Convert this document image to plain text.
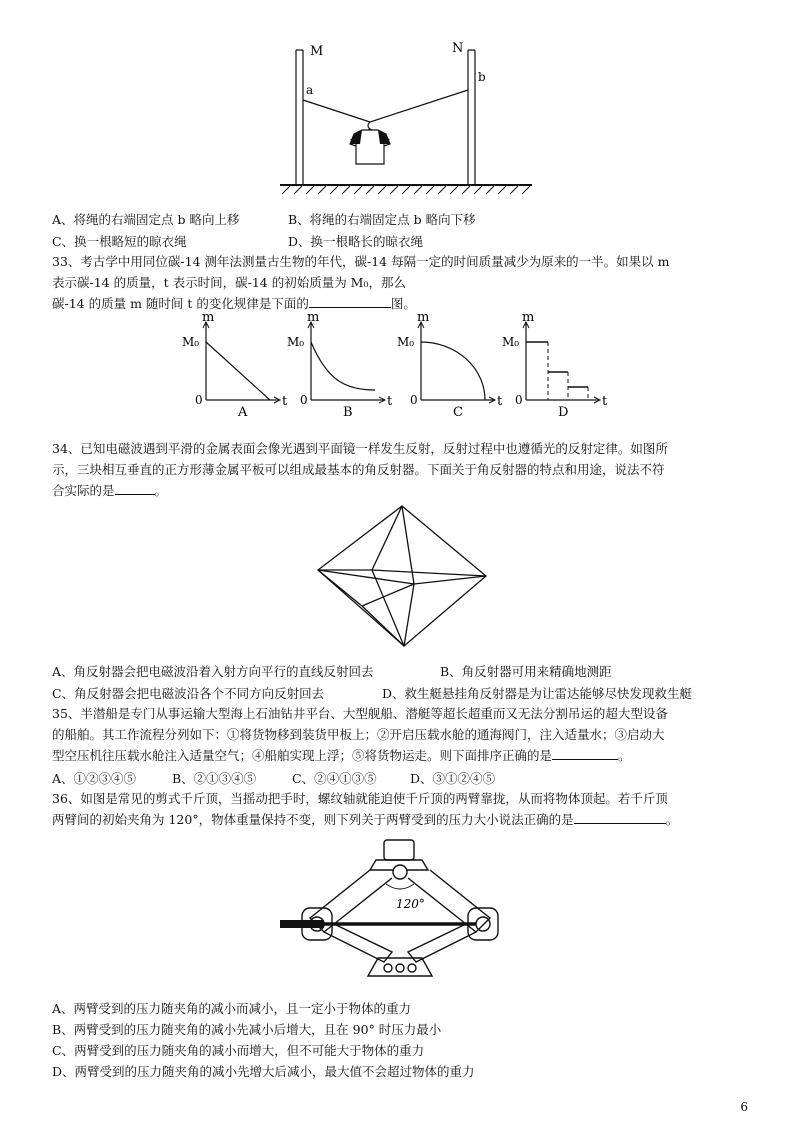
M	N
a
b
A、将绳的右端固定点 b 略向上移	B、将绳的右端固定点 b 略向下移
C、换一根略短的晾衣绳	D、换一根略长的晾衣绳
33、考古学中用同位碳-14 测年法测量古生物的年代，碳-14 每隔一定的时间质量减少为原来的一半。如果以 m
表示碳-14 的质量，t 表示时间，碳-14 的初始质量为 M₀，那么
碳-14 的质量 m 随时间 t 的变化规律是下面的	图。
m
M₀
0	t
A
m
M₀
0	t
B
m
M₀
0	t
C
m
M₀
0	t
D
34、已知电磁波遇到平滑的金属表面会像光遇到平面镜一样发生反射，反射过程中也遵循光的反射定律。如图所
示，三块相互垂直的正方形薄金属平板可以组成最基本的角反射器。下面关于角反射器的特点和用途，说法不符
合实际的是	。
A、角反射器会把电磁波沿着入射方向平行的直线反射回去	B、角反射器可用来精确地测距
C、角反射器会把电磁波沿各个不同方向反射回去	D、救生艇悬挂角反射器是为让雷达能够尽快发现救生艇
35、半潜船是专门从事运输大型海上石油钻井平台、大型舰船、潜艇等超长超重而又无法分割吊运的超大型设备
的船舶。其工作流程分列如下：①将货物移到装货甲板上；②开启压载水舱的通海阀门，注入适量水；③启动大
型空压机往压载水舱注入适量空气；④船舶实现上浮；⑤将货物运走。则下面排序正确的是	。
A、①②③④⑤	B、②①③④⑤	C、②④①③⑤	D、③①②④⑤
36、如图是常见的剪式千斤顶，当摇动把手时，螺纹轴就能迫使千斤顶的两臂靠拢，从而将物体顶起。若千斤顶
两臂间的初始夹角为 120°，物体重量保持不变，则下列关于两臂受到的压力大小说法正确的是	。
120°
A、两臂受到的压力随夹角的减小而减小，且一定小于物体的重力
B、两臂受到的压力随夹角的减小先减小后增大，且在 90° 时压力最小
C、两臂受到的压力随夹角的减小而增大，但不可能大于物体的重力
D、两臂受到的压力随夹角的减小先增大后减小，最大值不会超过物体的重力
6
